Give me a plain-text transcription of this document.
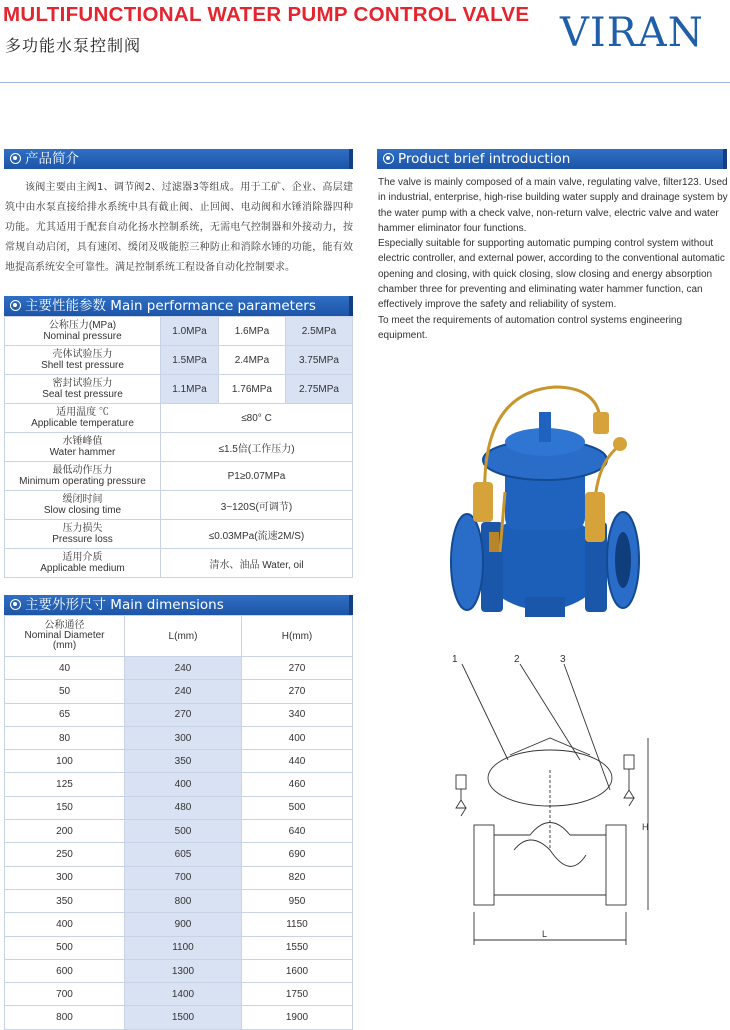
MULTIFUNCTIONAL WATER PUMP CONTROL VALVE
多功能水泵控制阀	VIRAN
产品简介
该阀主要由主阀1、调节阀2、过滤器3等组成。用于工矿、企业、高层建筑中由水泵直接给排水系统中具有截止阀、止回阀、电动阀和水锤消除器四种功能。尤其适用于配套自动化扬水控制系统，无需电气控制器和外接动力，按常规自动启闭，具有速闭、缓闭及吸能腔三种防止和消除水锤的功能，能有效地提高系统安全可靠性。满足控制系统工程设备自动化控制要求。
Product brief introduction
The valve is mainly composed of a main valve, regulating valve, filter123. Used in industrial, enterprise, high-rise building water supply and drainage system by the water pump with a check valve, non-return valve, electric valve and water hammer eliminator four functions.
Especially suitable for supporting automatic pumping control system without electric controller, and external power, according to the conventional automatic opening and closing, with quick closing, slow closing and energy absorption chamber three for preventing and eliminating water hammer function, can effectively improve the safety and reliability of system.
To meet the requirements of automation control systems engineering equipment.
主要性能参数 Main performance parameters
公称压力(MPa)
Nominal pressure	1.0MPa	1.6MPa	2.5MPa
壳体试验压力
Shell test pressure	1.5MPa	2.4MPa	3.75MPa
密封试验压力
Seal test pressure	1.1MPa	1.76MPa	2.75MPa
适用温度 ℃
Applicable temperature	≤80° C		
水锤峰值
Water hammer	≤1.5倍(工作压力)		
最低动作压力
Minimum operating pressure	P1≥0.07MPa		
缓闭时间
Slow closing time	3~120S(可调节)		
压力损失
Pressure loss	≤0.03MPa(流速2M/S)		
适用介质
Applicable medium	清水、油品 Water, oil		
主要外形尺寸 Main dimensions
公称通径
Nominal Diameter
(mm)	L(mm)	H(mm)
40	240	270
50	240	270
65	270	340
80	300	400
100	350	440
125	400	460
150	480	500
200	500	640
250	605	690
300	700	820
350	800	950
400	900	1150
500	1100	1550
600	1300	1600
700	1400	1750
800	1500	1900
1	2	3
H
L
